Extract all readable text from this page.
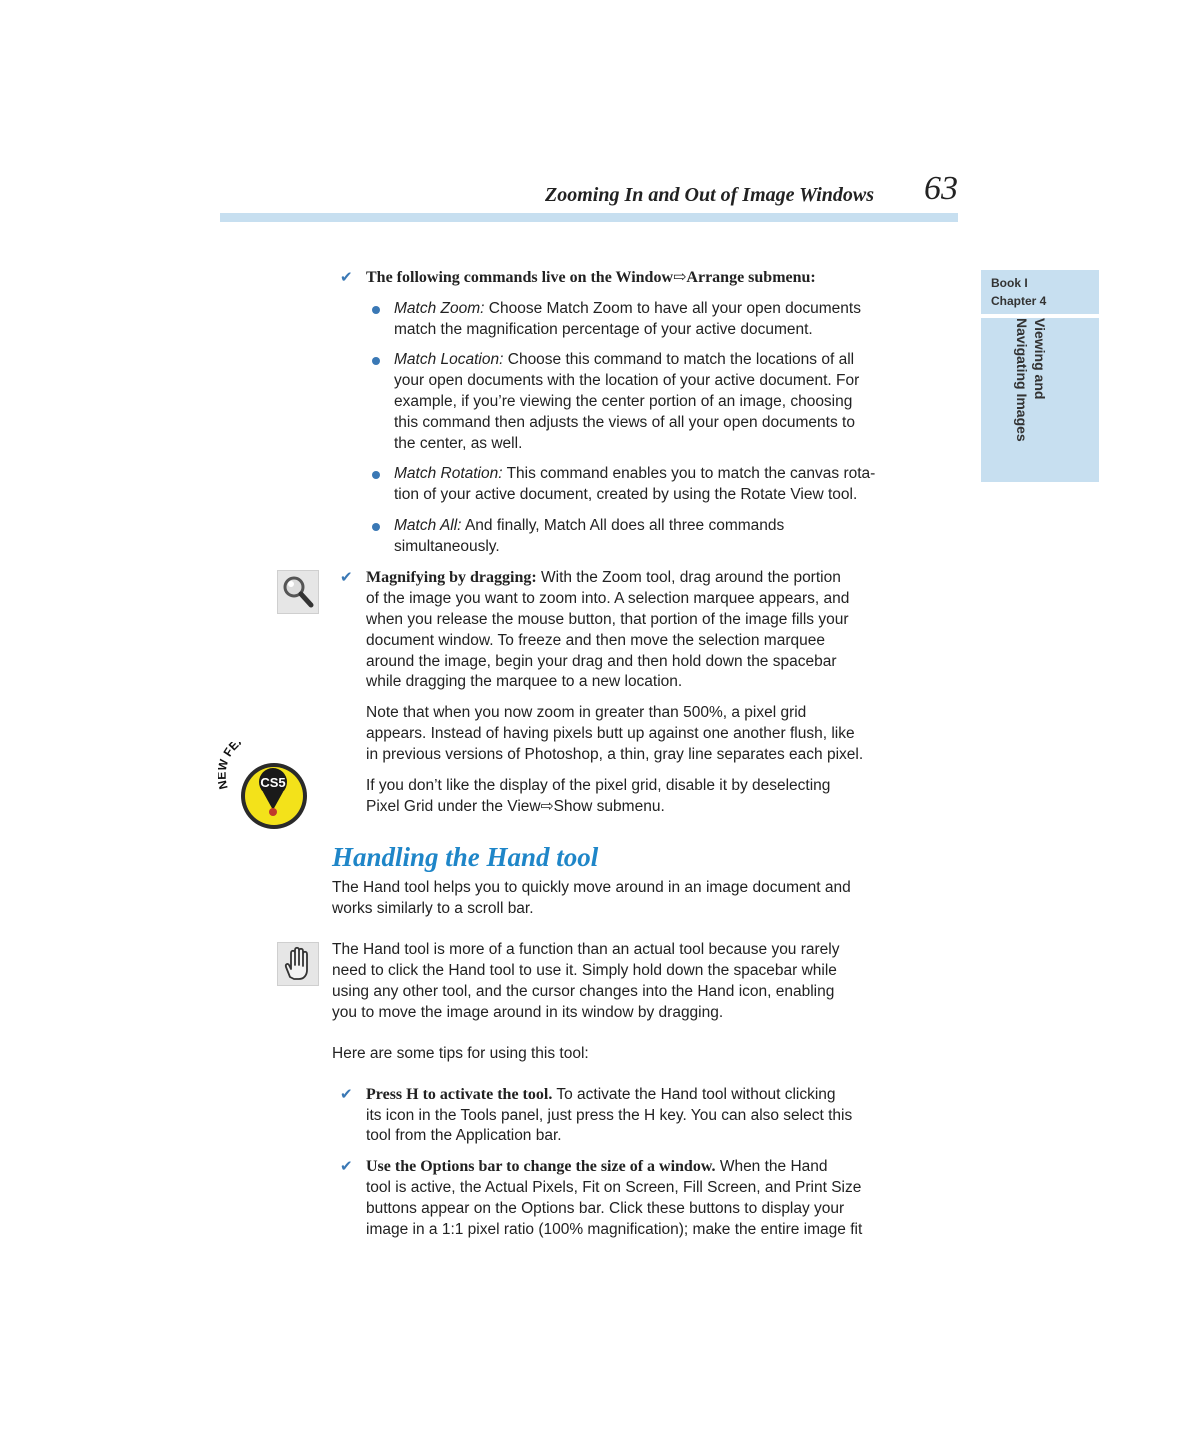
Zooming In and Out of Image Windows 63
Book I
Chapter 4
Viewing and
Navigating Images
✔ The following commands live on the Window⇨Arrange submenu:
Match Zoom: Choose Match Zoom to have all your open documents
match the magnification percentage of your active document.
Match Location: Choose this command to match the locations of all
your open documents with the location of your active document. For
example, if you’re viewing the center portion of an image, choosing
this command then adjusts the views of all your open documents to
the center, as well.
Match Rotation: This command enables you to match the canvas rota-
tion of your active document, created by using the Rotate View tool.
Match All: And finally, Match All does all three commands
simultaneously.
✔ Magnifying by dragging: With the Zoom tool, drag around the portion
of the image you want to zoom into. A selection marquee appears, and
when you release the mouse button, that portion of the image fills your
document window. To freeze and then move the selection marquee
around the image, begin your drag and then hold down the spacebar
while dragging the marquee to a new location.
Note that when you now zoom in greater than 500%, a pixel grid
appears. Instead of having pixels butt up against one another flush, like
in previous versions of Photoshop, a thin, gray line separates each pixel.
If you don’t like the display of the pixel grid, disable it by deselecting
Pixel Grid under the View⇨Show submenu.
CS5
FE
Handling the Hand tool
The Hand tool helps you to quickly move around in an image document and
works similarly to a scroll bar.
The Hand tool is more of a function than an actual tool because you rarely
need to click the Hand tool to use it. Simply hold down the spacebar while
using any other tool, and the cursor changes into the Hand icon, enabling
you to move the image around in its window by dragging.
Here are some tips for using this tool:
✔ Press H to activate the tool. To activate the Hand tool without clicking
its icon in the Tools panel, just press the H key. You can also select this
tool from the Application bar.
✔ Use the Options bar to change the size of a window. When the Hand
tool is active, the Actual Pixels, Fit on Screen, Fill Screen, and Print Size
buttons appear on the Options bar. Click these buttons to display your
image in a 1:1 pixel ratio (100% magnification); make the entire image fit
